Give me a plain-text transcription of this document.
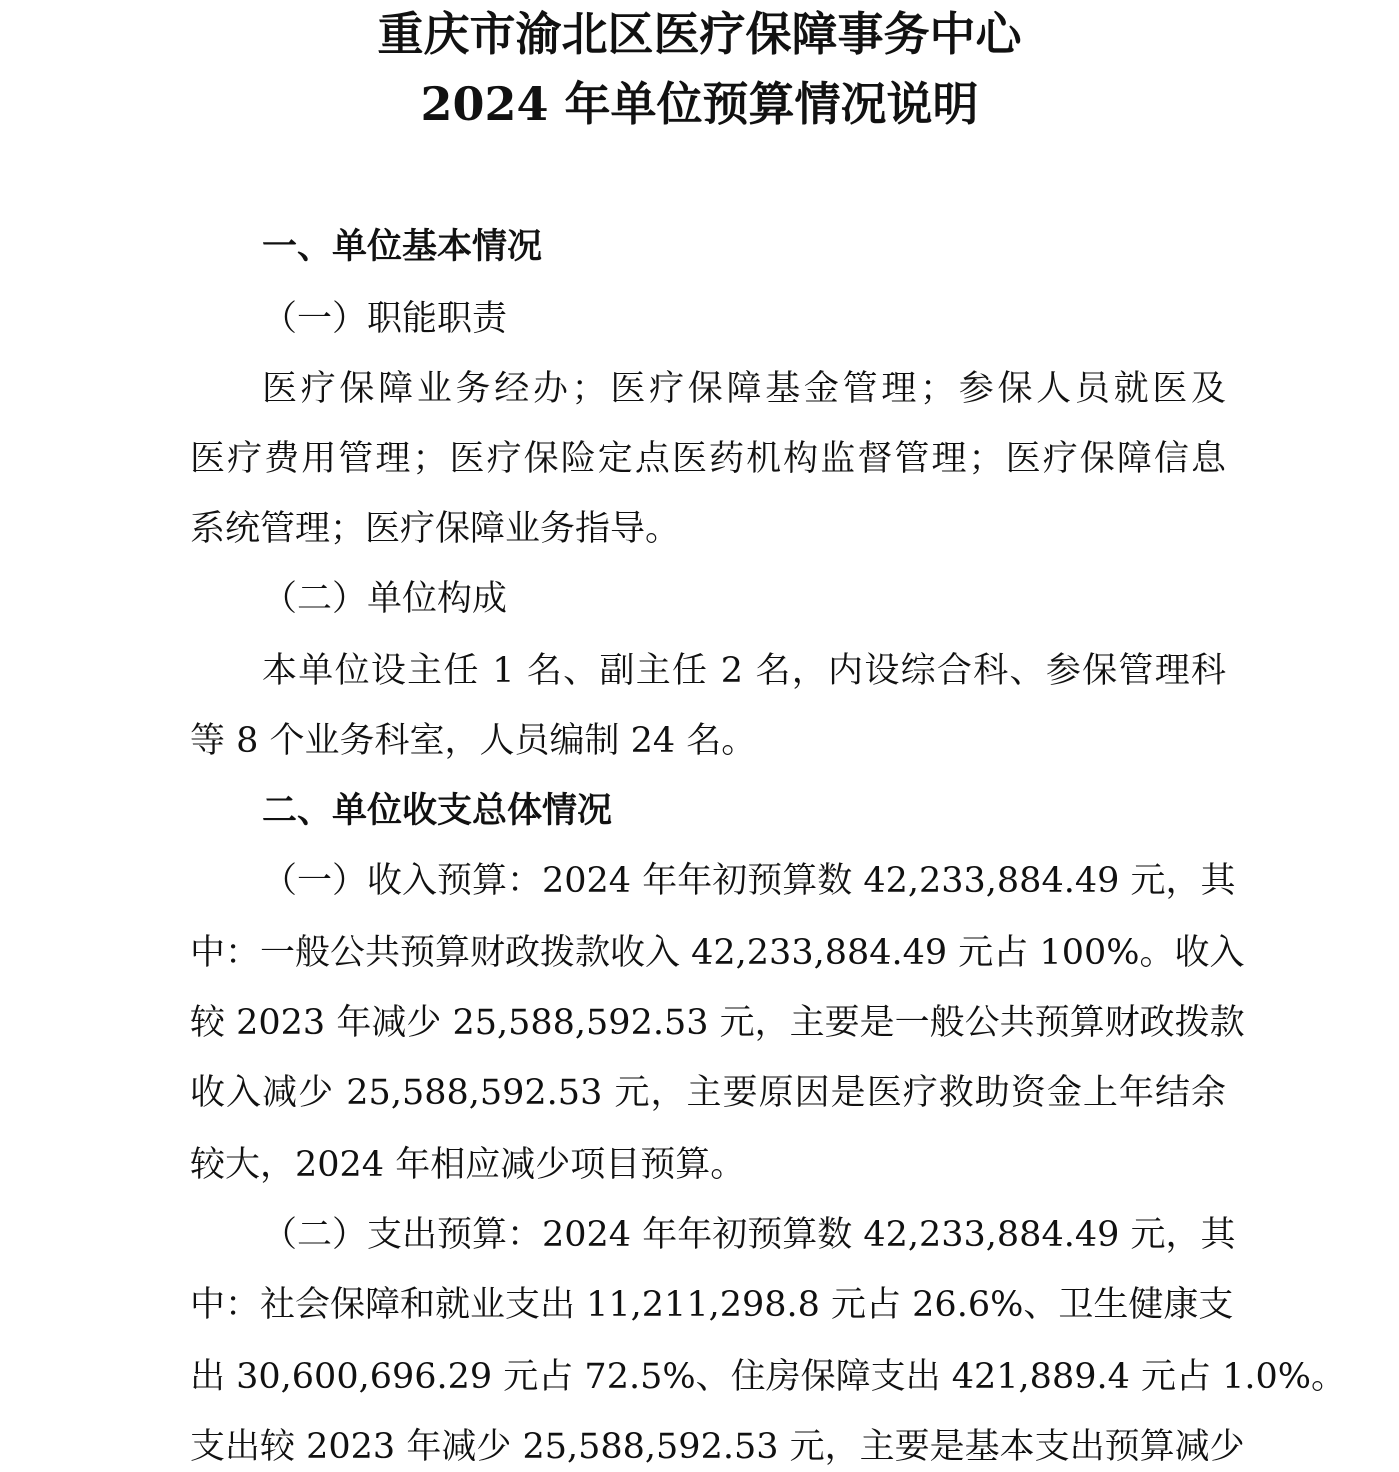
重庆市渝北区医疗保障事务中心
2024 年单位预算情况说明
一、单位基本情况
（一）职能职责
医疗保障业务经办；医疗保障基金管理；参保人员就医及
医疗费用管理；医疗保险定点医药机构监督管理；医疗保障信息
系统管理；医疗保障业务指导。
（二）单位构成
本单位设主任 1 名、副主任 2 名，内设综合科、参保管理科
等 8 个业务科室，人员编制 24 名。
二、单位收支总体情况
（一）收入预算：2024 年年初预算数 42,233,884.49 元，其
中：一般公共预算财政拨款收入 42,233,884.49 元占 100%。收入
较 2023 年减少 25,588,592.53 元，主要是一般公共预算财政拨款
收入减少 25,588,592.53 元，主要原因是医疗救助资金上年结余
较大，2024 年相应减少项目预算。
（二）支出预算：2024 年年初预算数 42,233,884.49 元，其
中：社会保障和就业支出 11,211,298.8 元占 26.6%、卫生健康支
出 30,600,696.29 元占 72.5%、住房保障支出 421,889.4 元占 1.0%。
支出较 2023 年减少 25,588,592.53 元，主要是基本支出预算减少
